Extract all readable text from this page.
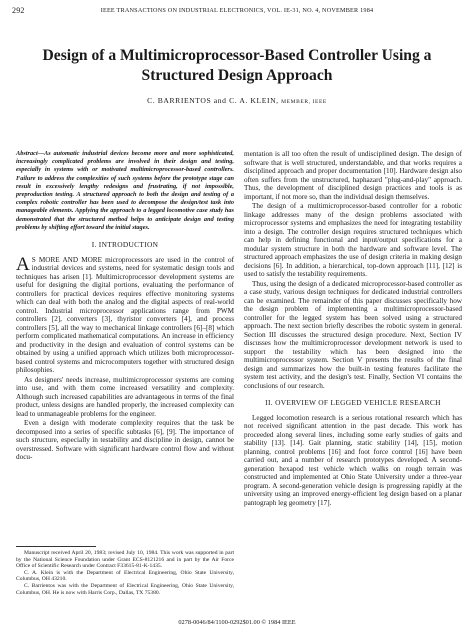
292	IEEE TRANSACTIONS ON INDUSTRIAL ELECTRONICS, VOL. IE-31, NO. 4, NOVEMBER 1984
Design of a Multimicroprocessor-Based Controller Using a Structured Design Approach
C. BARRIENTOS and C. A. KLEIN, MEMBER, IEEE
Abstract—As automatic industrial devices become more and more sophisticated, increasingly complicated problems are involved in their design and testing, especially in systems with or motivated multimicroprocessor-based controllers. Failure to address the complexities of such systems before the prototype stage can result in excessively lengthy redesigns and frustrating, if not impossible, preproduction testing. A structured approach to both the design and testing of a complex robotic controller has been used to decompose the design/test task into manageable elements. Applying the approach to a legged locomotive case study has demonstrated that the structured method helps to anticipate design and testing problems by shifting effort toward the initial stages.
I. INTRODUCTION
A S MORE AND MORE microprocessors are used in the control of industrial devices and systems, need for systematic design tools and techniques has arisen [1]. Multimicroprocessor development systems are useful for designing the digital portions, evaluating the performance of controllers for practical devices requires effective monitoring systems which can deal with both the analog and the digital aspects of real-world control. Industrial microprocessor applications range from PWM controllers [2], converters [3], thyristor converters [4], and process controllers [5], all the way to mechanical linkage controllers [6]–[8] which perform complicated mathematical computations. An increase in efficiency and productivity in the design and evaluation of control systems can be obtained by using a unified approach which utilizes both microprocessor-based control systems and microcomputers together with structured design philosophies.
As designers' needs increase, multimicroprocessor systems are coming into use, and with them come increased versatility and complexity. Although such increased capabilities are advantageous in terms of the final product, unless designs are handled properly, the increased complexity can lead to unmanageable problems for the engineer.
Even a design with moderate complexity requires that the task be decomposed into a series of specific subtasks [6], [9]. The importance of such structure, especially in testability and discipline in design, cannot be overstressed. Software with significant hardware control flow and without docu-
Manuscript received April 20, 1983; revised July 10, 1984. This work was supported in part by the National Science Foundation under Grant ECS-8121216 and in part by the Air Force Office of Scientific Research under Contract F33615-81-K-1435.
C. A. Klein is with the Department of Electrical Engineering, Ohio State University, Columbus, OH 43210.
C. Barrientos was with the Department of Electrical Engineering, Ohio State University, Columbus, OH. He is now with Harris Corp., Dallas, TX 75380.
mentation is all too often the result of undisciplined design. The design of software that is well structured, understandable, and that works requires a disciplined approach and proper documentation [10]. Hardware design also often suffers from the unstructured, haphazard "plug-and-play" approach. Thus, the development of disciplined design practices and tools is as important, if not more so, than the individual design themselves.
The design of a multimicroprocessor-based controller for a robotic linkage addresses many of the design problems associated with microprocessor systems and emphasizes the need for integrating testability into a design. The controller design requires structured techniques which can help in defining functional and input/output specifications for a modular system structure in both the hardware and software level. The structured approach emphasizes the use of design criteria in making design decisions [6]. In addition, a hierarchical, top-down approach [11], [12] is used to satisfy the testability requirements.
Thus, using the design of a dedicated microprocessor-based controller as a case study, various design techniques for dedicated industrial controllers can be examined. The remainder of this paper discusses specifically how the design problem of implementing a multimicroprocessor-based controller for the legged system has been solved using a structured approach. The next section briefly describes the robotic system in general. Section III discusses the structured design procedure. Next, Section IV discusses how the multimicroprocessor development network is used to support the testability which has been designed into the multimicroprocessor system. Section V presents the results of the final design and summarizes how the built-in testing features facilitate the system test activity, and the design's test. Finally, Section VI contains the conclusions of our research.
II. OVERVIEW OF LEGGED VEHICLE RESEARCH
Legged locomotion research is a serious rotational research which has not received significant attention in the past decade. This work has proceeded along several lines, including some early studies of gaits and stability [13]. [14]. Gait planning, static stability [14], [15], motion planning, control problems [16] and foot force control [16] have been carried out, and a number of research prototypes developed. A second-generation hexapod test vehicle which walks on rough terrain was constructed and implemented at Ohio State University under a three-year program. A second-generation vehicle design is progressing rapidly at the university using an improved energy-efficient leg design based on a planar pantograph leg geometry [17].
0278-0046/84/1100-0292$01.00 © 1984 IEEE
